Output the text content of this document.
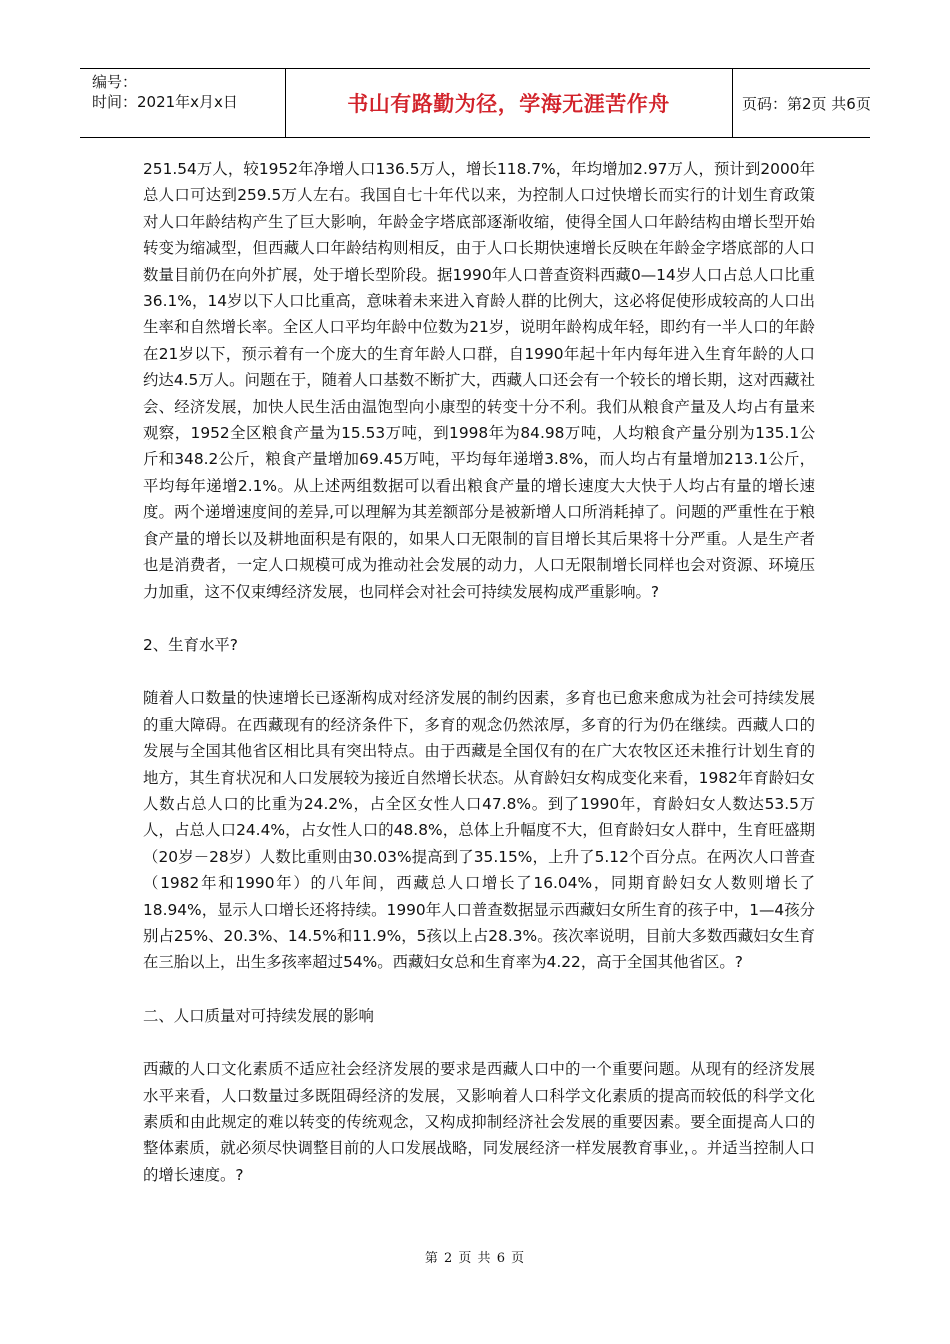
编号：
时间：2021年x月x日	书山有路勤为径，学海无涯苦作舟	页码：第2页 共6页

251.54万人，较1952年净增人口136.5万人，增长118.7%，年均增加2.97万人，预计到2000年总人口可达到259.5万人左右。我国自七十年代以来，为控制人口过快增长而实行的计划生育政策对人口年龄结构产生了巨大影响，年龄金字塔底部逐渐收缩，使得全国人口年龄结构由增长型开始转变为缩减型，但西藏人口年龄结构则相反，由于人口长期快速增长反映在年龄金字塔底部的人口数量目前仍在向外扩展，处于增长型阶段。据1990年人口普查资料西藏0—14岁人口占总人口比重36.1%，14岁以下人口比重高，意味着未来进入育龄人群的比例大，这必将促使形成较高的人口出生率和自然增长率。全区人口平均年龄中位数为21岁，说明年龄构成年轻，即约有一半人口的年龄在21岁以下，预示着有一个庞大的生育年龄人口群，自1990年起十年内每年进入生育年龄的人口约达4.5万人。问题在于，随着人口基数不断扩大，西藏人口还会有一个较长的增长期，这对西藏社会、经济发展，加快人民生活由温饱型向小康型的转变十分不利。我们从粮食产量及人均占有量来观察，1952全区粮食产量为15.53万吨，到1998年为84.98万吨，人均粮食产量分别为135.1公斤和348.2公斤，粮食产量增加69.45万吨，平均每年递增3.8%，而人均占有量增加213.1公斤，平均每年递增2.1%。从上述两组数据可以看出粮食产量的增长速度大大快于人均占有量的增长速度。两个递增速度间的差异,可以理解为其差额部分是被新增人口所消耗掉了。问题的严重性在于粮食产量的增长以及耕地面积是有限的，如果人口无限制的盲目增长其后果将十分严重。人是生产者也是消费者，一定人口规模可成为推动社会发展的动力，人口无限制增长同样也会对资源、环境压力加重，这不仅束缚经济发展，也同样会对社会可持续发展构成严重影响。?

2、生育水平?

随着人口数量的快速增长已逐渐构成对经济发展的制约因素，多育也已愈来愈成为社会可持续发展的重大障碍。在西藏现有的经济条件下，多育的观念仍然浓厚，多育的行为仍在继续。西藏人口的发展与全国其他省区相比具有突出特点。由于西藏是全国仅有的在广大农牧区还未推行计划生育的地方，其生育状况和人口发展较为接近自然增长状态。从育龄妇女构成变化来看，1982年育龄妇女人数占总人口的比重为24.2%，占全区女性人口47.8%。到了1990年，育龄妇女人数达53.5万人，占总人口24.4%，占女性人口的48.8%，总体上升幅度不大，但育龄妇女人群中，生育旺盛期（20岁－28岁）人数比重则由30.03%提高到了35.15%，上升了5.12个百分点。在两次人口普查（1982年和1990年）的八年间，西藏总人口增长了16.04%，同期育龄妇女人数则增长了18.94%，显示人口增长还将持续。1990年人口普查数据显示西藏妇女所生育的孩子中，1—4孩分别占25%、20.3%、14.5%和11.9%，5孩以上占28.3%。孩次率说明，目前大多数西藏妇女生育在三胎以上，出生多孩率超过54%。西藏妇女总和生育率为4.22，高于全国其他省区。?

二、人口质量对可持续发展的影响

西藏的人口文化素质不适应社会经济发展的要求是西藏人口中的一个重要问题。从现有的经济发展水平来看，人口数量过多既阻碍经济的发展，又影响着人口科学文化素质的提高而较低的科学文化素质和由此规定的难以转变的传统观念，又构成抑制经济社会发展的重要因素。要全面提高人口的整体素质，就必须尽快调整目前的人口发展战略，同发展经济一样发展教育事业，。并适当控制人口的增长速度。?

第 2 页 共 6 页
